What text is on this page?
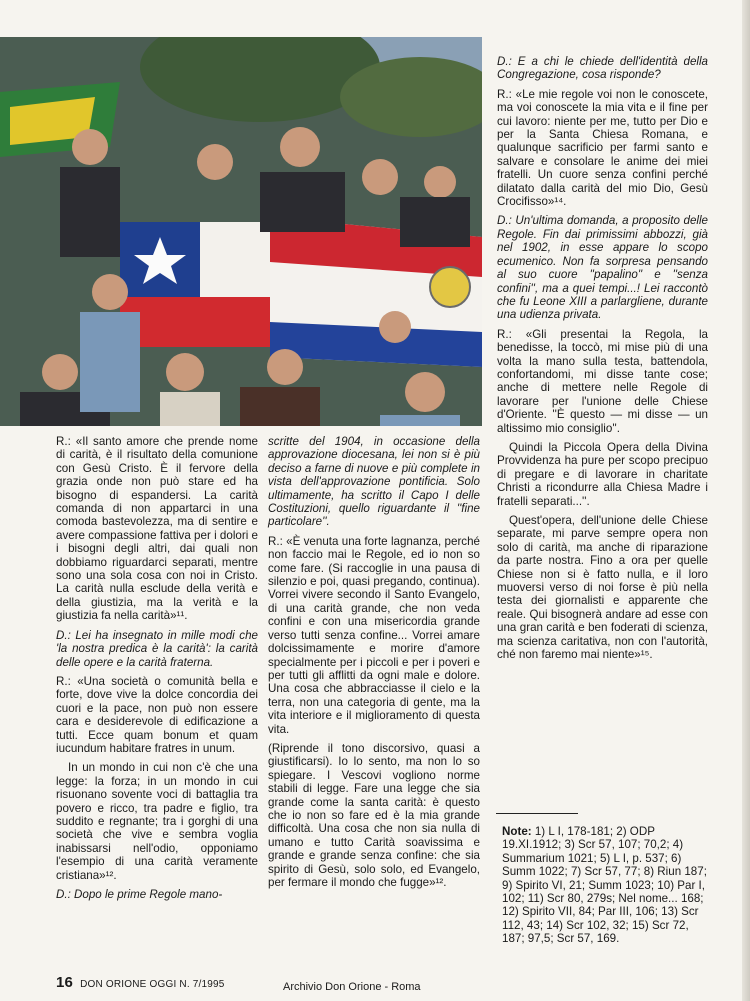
R.: «Il santo amore che prende nome di carità, è il risultato della comunione con Gesù Cristo. È il fervore della grazia onde non può stare ed ha bisogno di espandersi. La carità comanda di non appartarci in una comoda bastevolezza, ma di sentire e avere compassione fattiva per i dolori e i bisogni degli altri, dai quali non dobbiamo riguardarci separati, mentre sono una sola cosa con noi in Cristo. La carità nulla esclude della verità e della giustizia, ma la verità e la giustizia fa nella carità»¹¹.

D.: Lei ha insegnato in mille modi che 'la nostra predica è la carità': la carità delle opere e la carità fraterna.

R.: «Una società o comunità bella e forte, dove vive la dolce concordia dei cuori e la pace, non può non essere cara e desiderevole di edificazione a tutti. Ecce quam bonum et quam iucundum habitare fratres in unum.

In un mondo in cui non c'è che una legge: la forza; in un mondo in cui risuonano sovente voci di battaglia tra povero e ricco, tra padre e figlio, tra suddito e regnante; tra i gorghi di una società che vive e sembra voglia inabissarsi nell'odio, opponiamo l'esempio di una carità veramente cristiana»¹².

D.: Dopo le prime Regole mano-

scritte del 1904, in occasione della approvazione diocesana, lei non si è più deciso a farne di nuove e più complete in vista dell'approvazione pontificia. Solo ultimamente, ha scritto il Capo I delle Costituzioni, quello riguardante il ''fine particolare''.

R.: «È venuta una forte lagnanza, perché non faccio mai le Regole, ed io non so come fare. (Si raccoglie in una pausa di silenzio e poi, quasi pregando, continua). Vorrei vivere secondo il Santo Evangelo, di una carità grande, che non veda confini e con una misericordia grande verso tutti senza confine... Vorrei amare dolcissimamente e morire d'amore specialmente per i piccoli e per i poveri e per tutti gli afflitti da ogni male e dolore. Una cosa che abbracciasse il cielo e la terra, non una categoria di gente, ma la vita interiore e il miglioramento di questa vita.

(Riprende il tono discorsivo, quasi a giustificarsi). Io lo sento, ma non lo so spiegare. I Vescovi vogliono norme stabili di legge. Fare una legge che sia grande come la santa carità: è questo che io non so fare ed è la mia grande difficoltà. Una cosa che non sia nulla di umano e tutto Carità soavissima e grande e grande senza confine: che sia spirito di Gesù, solo solo, ed Evangelo, per fermare il mondo che fugge»¹².

D.: E a chi le chiede dell'identità della Congregazione, cosa risponde?

R.: «Le mie regole voi non le conoscete, ma voi conoscete la mia vita e il fine per cui lavoro: niente per me, tutto per Dio e per la Santa Chiesa Romana, e qualunque sacrificio per farmi santo e salvare e consolare le anime dei miei fratelli. Un cuore senza confini perché dilatato dalla carità del mio Dio, Gesù Crocifisso»¹⁴.

D.: Un'ultima domanda, a proposito delle Regole. Fin dai primissimi abbozzi, già nel 1902, in esse appare lo scopo ecumenico. Non fa sorpresa pensando al suo cuore ''papalino'' e ''senza confini'', ma a quei tempi...! Lei raccontò che fu Leone XIII a parlargliene, durante una udienza privata.

R.: «Gli presentai la Regola, la benedisse, la toccò, mi mise più di una volta la mano sulla testa, battendola, confortandomi, mi disse tante cose; anche di mettere nelle Regole di lavorare per l'unione delle Chiese d'Oriente. ''È questo — mi disse — un altissimo mio consiglio''.

Quindi la Piccola Opera della Divina Provvidenza ha pure per scopo precipuo di pregare e di lavorare in charitate Christi a ricondurre alla Chiesa Madre i fratelli separati...''.

Quest'opera, dell'unione delle Chiese separate, mi parve sempre opera non solo di carità, ma anche di riparazione da parte nostra. Fino a ora per quelle Chiese non si è fatto nulla, e il loro muoversi verso di noi forse è più nella testa dei giornalisti e apparente che reale. Qui bisognerà andare ad esse con una gran carità e ben foderati di scienza, ma scienza caritativa, non con l'autorità, ché non faremo mai niente»¹⁵.

Note: 1) L I, 178-181; 2) ODP 19.XI.1912; 3) Scr 57, 107; 70,2; 4) Summarium 1021; 5) L I, p. 537; 6) Summ 1022; 7) Scr 57, 77; 8) Riun 187; 9) Spirito VI, 21; Summ 1023; 10) Par I, 102; 11) Scr 80, 279s; Nel nome... 168; 12) Spirito VII, 84; Par III, 106; 13) Scr 112, 43; 14) Scr 102, 32; 15) Scr 72, 187; 97,5; Scr 57, 169.
16 DON ORIONE OGGI N. 7/1995	Archivio Don Orione - Roma
